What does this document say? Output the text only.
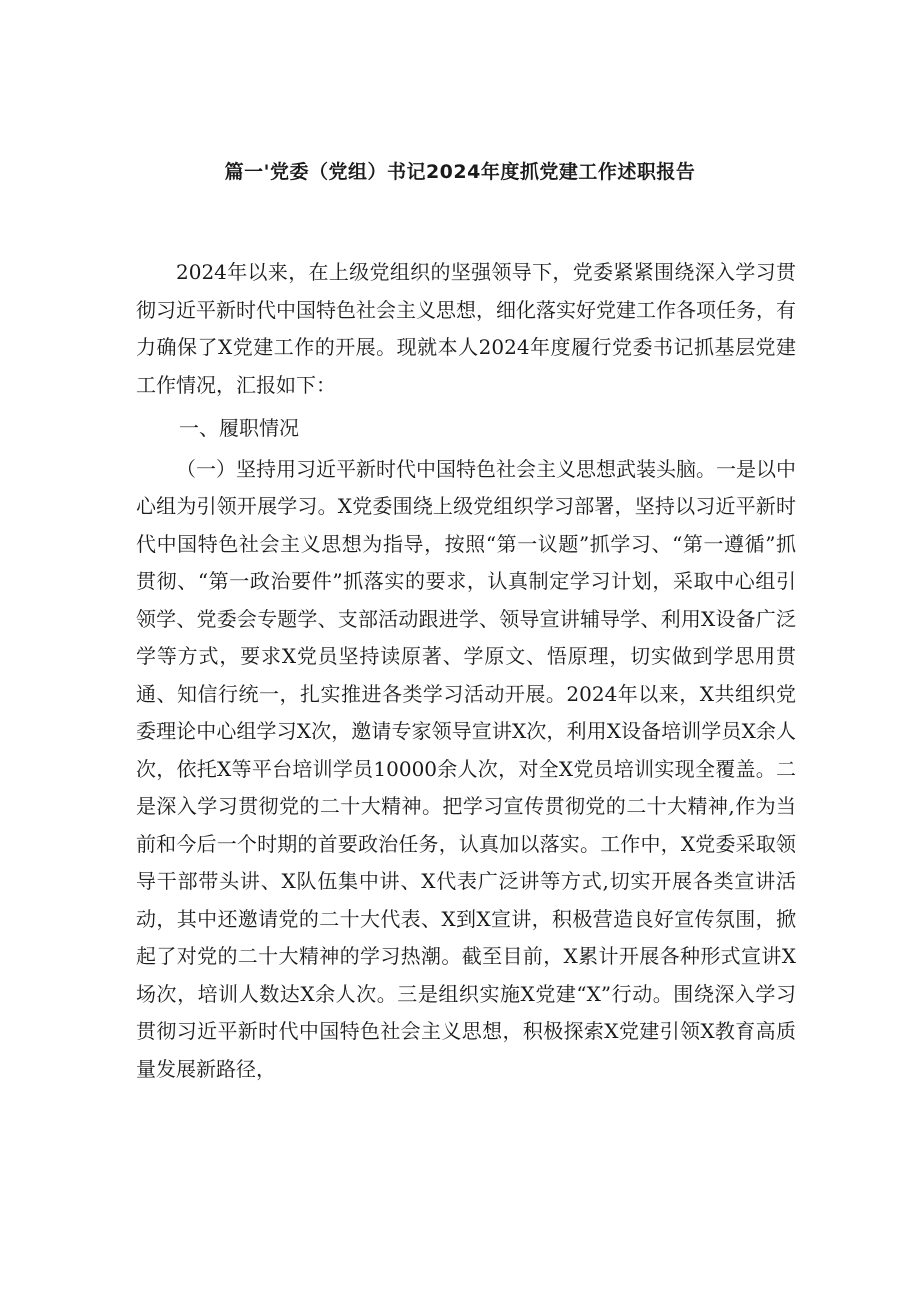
篇一'党委（党组）书记2024年度抓党建工作述职报告

2024年以来，在上级党组织的坚强领导下，党委紧紧围绕深入学习贯彻习近平新时代中国特色社会主义思想，细化落实好党建工作各项任务，有力确保了X党建工作的开展。现就本人2024年度履行党委书记抓基层党建工作情况，汇报如下：

一、履职情况

（一）坚持用习近平新时代中国特色社会主义思想武装头脑。一是以中心组为引领开展学习。X党委围绕上级党组织学习部署，坚持以习近平新时代中国特色社会主义思想为指导，按照“第一议题”抓学习、“第一遵循”抓贯彻、“第一政治要件”抓落实的要求，认真制定学习计划，采取中心组引领学、党委会专题学、支部活动跟进学、领导宣讲辅导学、利用X设备广泛学等方式，要求X党员坚持读原著、学原文、悟原理，切实做到学思用贯通、知信行统一，扎实推进各类学习活动开展。2024年以来，X共组织党委理论中心组学习X次，邀请专家领导宣讲X次，利用X设备培训学员X余人次，依托X等平台培训学员10000余人次，对全X党员培训实现全覆盖。二是深入学习贯彻党的二十大精神。把学习宣传贯彻党的二十大精神,作为当前和今后一个时期的首要政治任务，认真加以落实。工作中，X党委采取领导干部带头讲、X队伍集中讲、X代表广泛讲等方式,切实开展各类宣讲活动，其中还邀请党的二十大代表、X到X宣讲，积极营造良好宣传氛围，掀起了对党的二十大精神的学习热潮。截至目前，X累计开展各种形式宣讲X场次，培训人数达X余人次。三是组织实施X党建“X”行动。围绕深入学习贯彻习近平新时代中国特色社会主义思想，积极探索X党建引领X教育高质量发展新路径，
